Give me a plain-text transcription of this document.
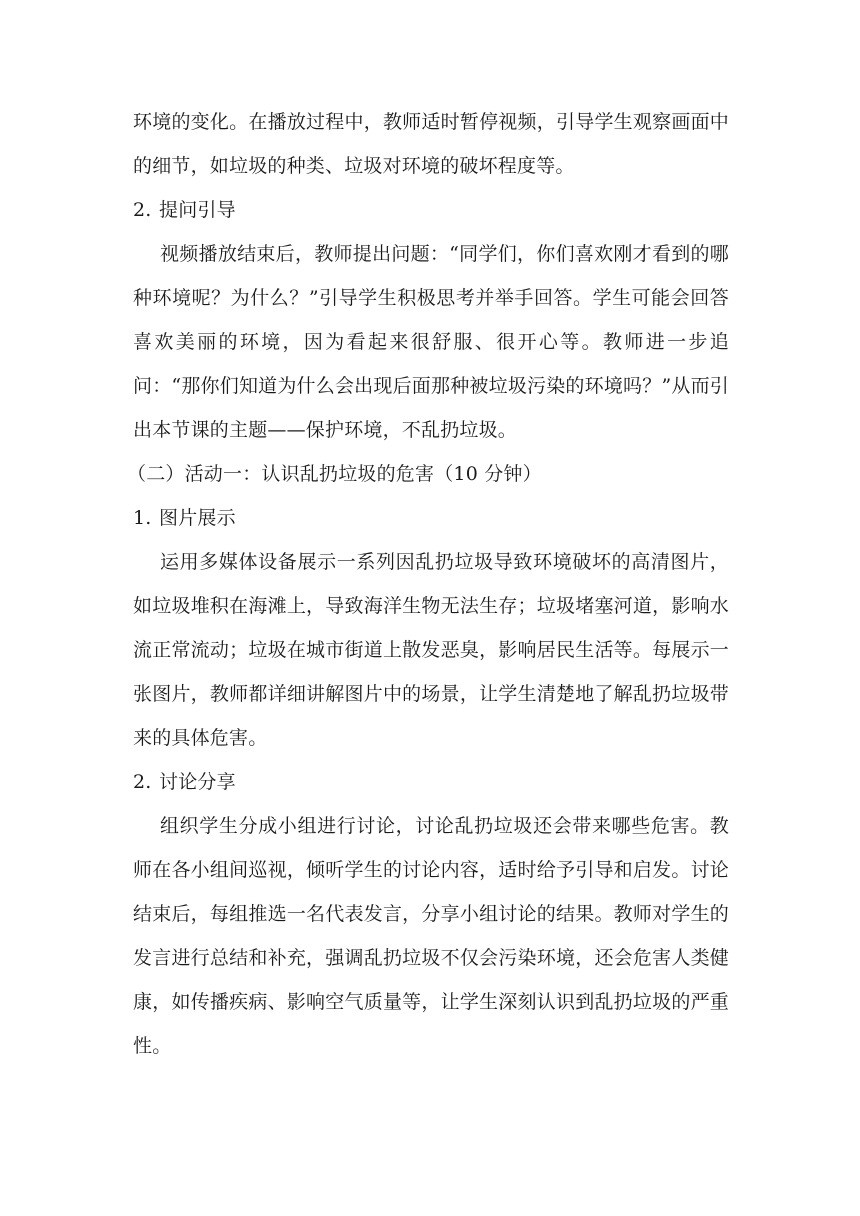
环境的变化。在播放过程中，教师适时暂停视频，引导学生观察画面中的细节，如垃圾的种类、垃圾对环境的破坏程度等。

2. 提问引导

视频播放结束后，教师提出问题：“同学们，你们喜欢刚才看到的哪种环境呢？为什么？”引导学生积极思考并举手回答。学生可能会回答喜欢美丽的环境，因为看起来很舒服、很开心等。教师进一步追问：“那你们知道为什么会出现后面那种被垃圾污染的环境吗？”从而引出本节课的主题——保护环境，不乱扔垃圾。

（二）活动一：认识乱扔垃圾的危害（10 分钟）

1. 图片展示

运用多媒体设备展示一系列因乱扔垃圾导致环境破坏的高清图片，如垃圾堆积在海滩上，导致海洋生物无法生存；垃圾堵塞河道，影响水流正常流动；垃圾在城市街道上散发恶臭，影响居民生活等。每展示一张图片，教师都详细讲解图片中的场景，让学生清楚地了解乱扔垃圾带来的具体危害。

2. 讨论分享

组织学生分成小组进行讨论，讨论乱扔垃圾还会带来哪些危害。教师在各小组间巡视，倾听学生的讨论内容，适时给予引导和启发。讨论结束后，每组推选一名代表发言，分享小组讨论的结果。教师对学生的发言进行总结和补充，强调乱扔垃圾不仅会污染环境，还会危害人类健康，如传播疾病、影响空气质量等，让学生深刻认识到乱扔垃圾的严重性。
